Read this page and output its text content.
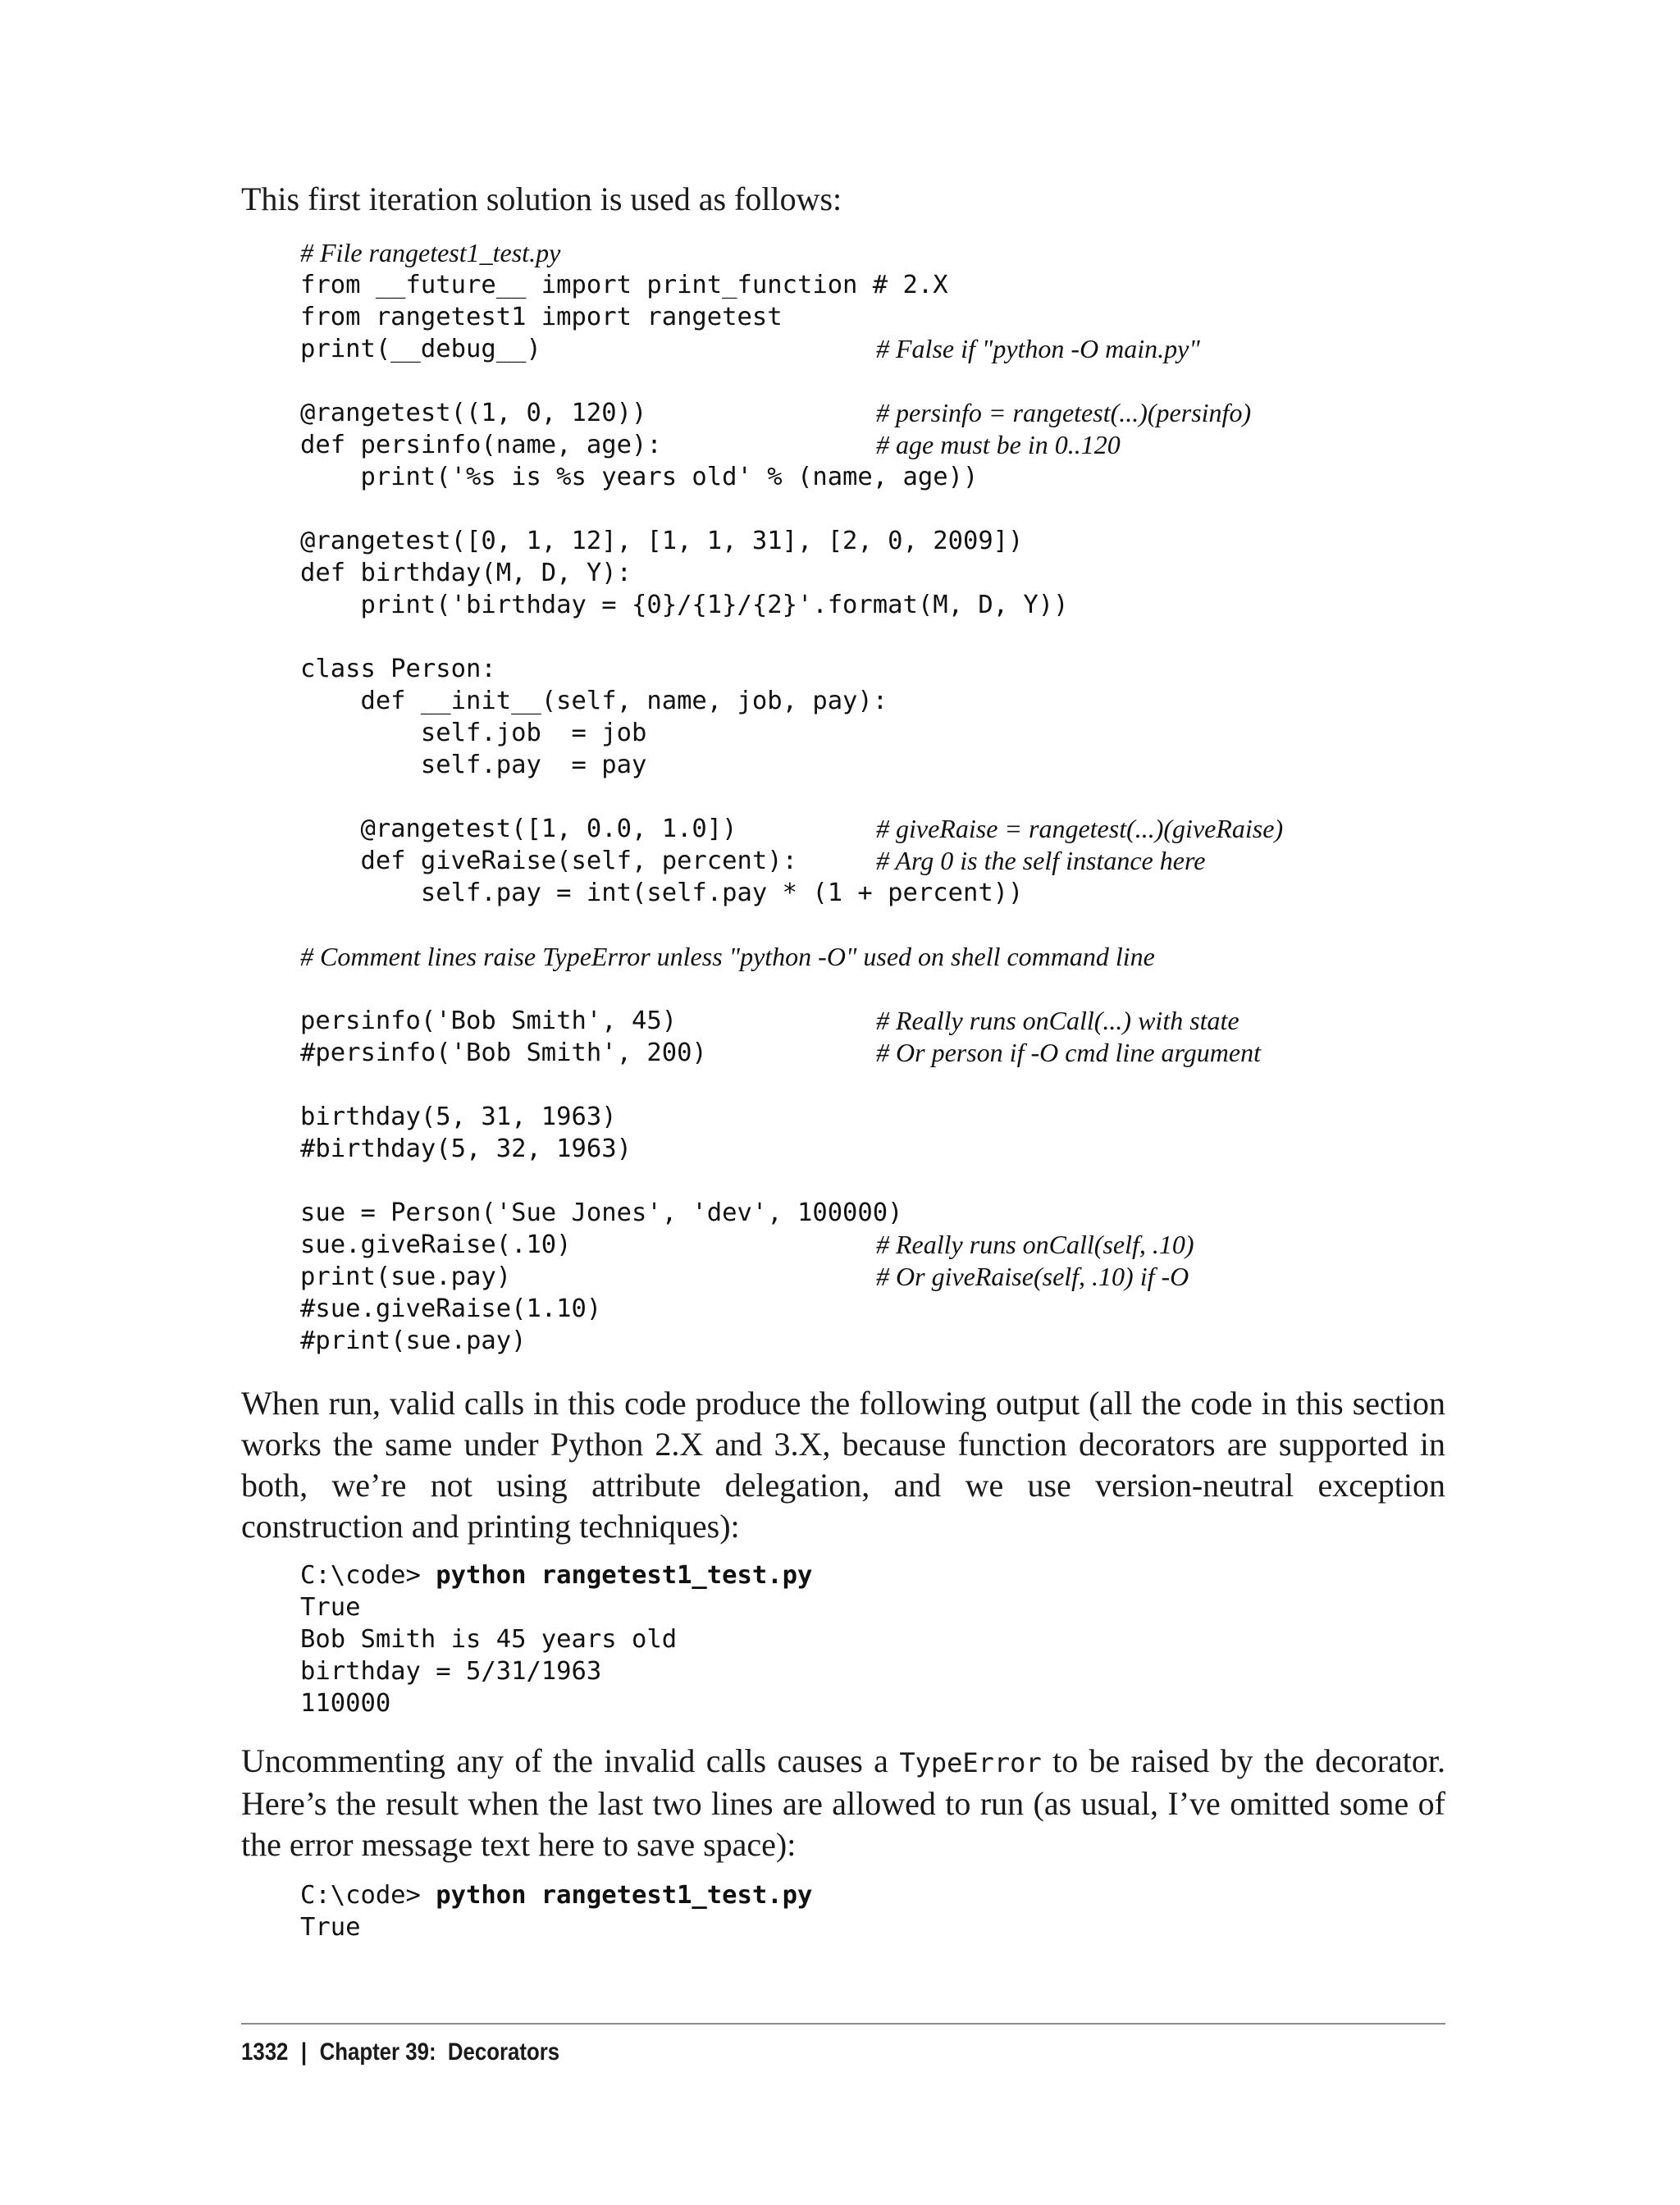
This first iteration solution is used as follows:

# File rangetest1_test.py
from __future__ import print_function # 2.X
from rangetest1 import rangetest
print(__debug__)	# False if "python -O main.py"
@rangetest((1, 0, 120))	# persinfo = rangetest(...)(persinfo)
def persinfo(name, age):	# age must be in 0..120
print('%s is %s years old' % (name, age))
@rangetest([0, 1, 12], [1, 1, 31], [2, 0, 2009])
def birthday(M, D, Y):
print('birthday = {0}/{1}/{2}'.format(M, D, Y))
class Person:
def __init__(self, name, job, pay):
self.job  = job
self.pay  = pay
@rangetest([1, 0.0, 1.0])	# giveRaise = rangetest(...)(giveRaise)
def giveRaise(self, percent):	# Arg 0 is the self instance here
self.pay = int(self.pay * (1 + percent))
# Comment lines raise TypeError unless "python -O" used on shell command line
persinfo('Bob Smith', 45)	# Really runs onCall(...) with state
#persinfo('Bob Smith', 200)	# Or person if -O cmd line argument
birthday(5, 31, 1963)
#birthday(5, 32, 1963)
sue = Person('Sue Jones', 'dev', 100000)
sue.giveRaise(.10)	# Really runs onCall(self, .10)
print(sue.pay)	# Or giveRaise(self, .10) if -O
#sue.giveRaise(1.10)
#print(sue.pay)

When run, valid calls in this code produce the following output (all the code in this section works the same under Python 2.X and 3.X, because function decorators are supported in both, we’re not using attribute delegation, and we use version-neutral exception construction and printing techniques):

C:\code> python rangetest1_test.py
True
Bob Smith is 45 years old
birthday = 5/31/1963
110000

Uncommenting any of the invalid calls causes a TypeError to be raised by the decorator. Here’s the result when the last two lines are allowed to run (as usual, I’ve omitted some of the error message text here to save space):

C:\code> python rangetest1_test.py
True
1332 | Chapter 39:  Decorators
